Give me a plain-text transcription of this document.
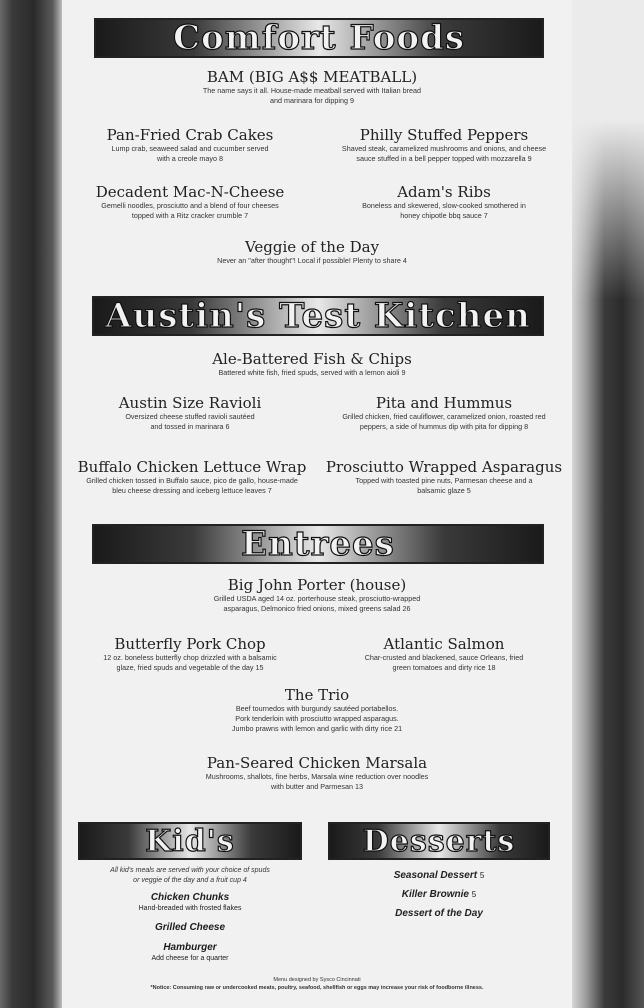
Comfort Foods
BAM (BIG A$$ MEATBALL)
The name says it all. House-made meatball served with Italian bread
and marinara for dipping 9
Pan-Fried Crab Cakes
Lump crab, seaweed salad and cucumber served
with a creole mayo 8
Philly Stuffed Peppers
Shaved steak, caramelized mushrooms and onions, and cheese
sauce stuffed in a bell pepper topped with mozzarella 9
Decadent Mac-N-Cheese
Gemelli noodles, prosciutto and a blend of four cheeses
topped with a Ritz cracker crumble 7
Adam's Ribs
Boneless and skewered, slow-cooked smothered in
honey chipotle bbq sauce 7
Veggie of the Day
Never an "after thought"! Local if possible! Plenty to share 4
Austin's Test Kitchen
Ale-Battered Fish & Chips
Battered white fish, fried spuds, served with a lemon aioli 9
Austin Size Ravioli
Oversized cheese stuffed ravioli sautéed
and tossed in marinara 6
Pita and Hummus
Grilled chicken, fried cauliflower, caramelized onion, roasted red
peppers, a side of hummus dip with pita for dipping 8
Buffalo Chicken Lettuce Wrap
Grilled chicken tossed in Buffalo sauce, pico de gallo, house-made
bleu cheese dressing and iceberg lettuce leaves 7
Prosciutto Wrapped Asparagus
Topped with toasted pine nuts, Parmesan cheese and a
balsamic glaze 5
Entrees
Big John Porter (house)
Grilled USDA aged 14 oz. porterhouse steak, prosciutto-wrapped
asparagus, Delmonico fried onions, mixed greens salad 26
Butterfly Pork Chop
12 oz. boneless butterfly chop drizzled with a balsamic
glaze, fried spuds and vegetable of the day 15
Atlantic Salmon
Char-crusted and blackened, sauce Orleans, fried
green tomatoes and dirty rice 18
The Trio
Beef tournedos with burgundy sautéed portabellos.
Pork tenderloin with prosciutto wrapped asparagus.
Jumbo prawns with lemon and garlic with dirty rice 21
Pan-Seared Chicken Marsala
Mushrooms, shallots, fine herbs, Marsala wine reduction over noodles
with butter and Parmesan 13
Kid's
All kid's meals are served with your choice of spuds
or veggie of the day and a fruit cup 4
Chicken Chunks
Hand-breaded with frosted flakes
Grilled Cheese
Hamburger
Add cheese for a quarter
Desserts
Seasonal Dessert 5
Killer Brownie 5
Dessert of the Day
Menu designed by Sysco Cincinnati
*Notice: Consuming raw or undercooked meats, poultry, seafood, shellfish or eggs may increase your risk of foodborne illness.
